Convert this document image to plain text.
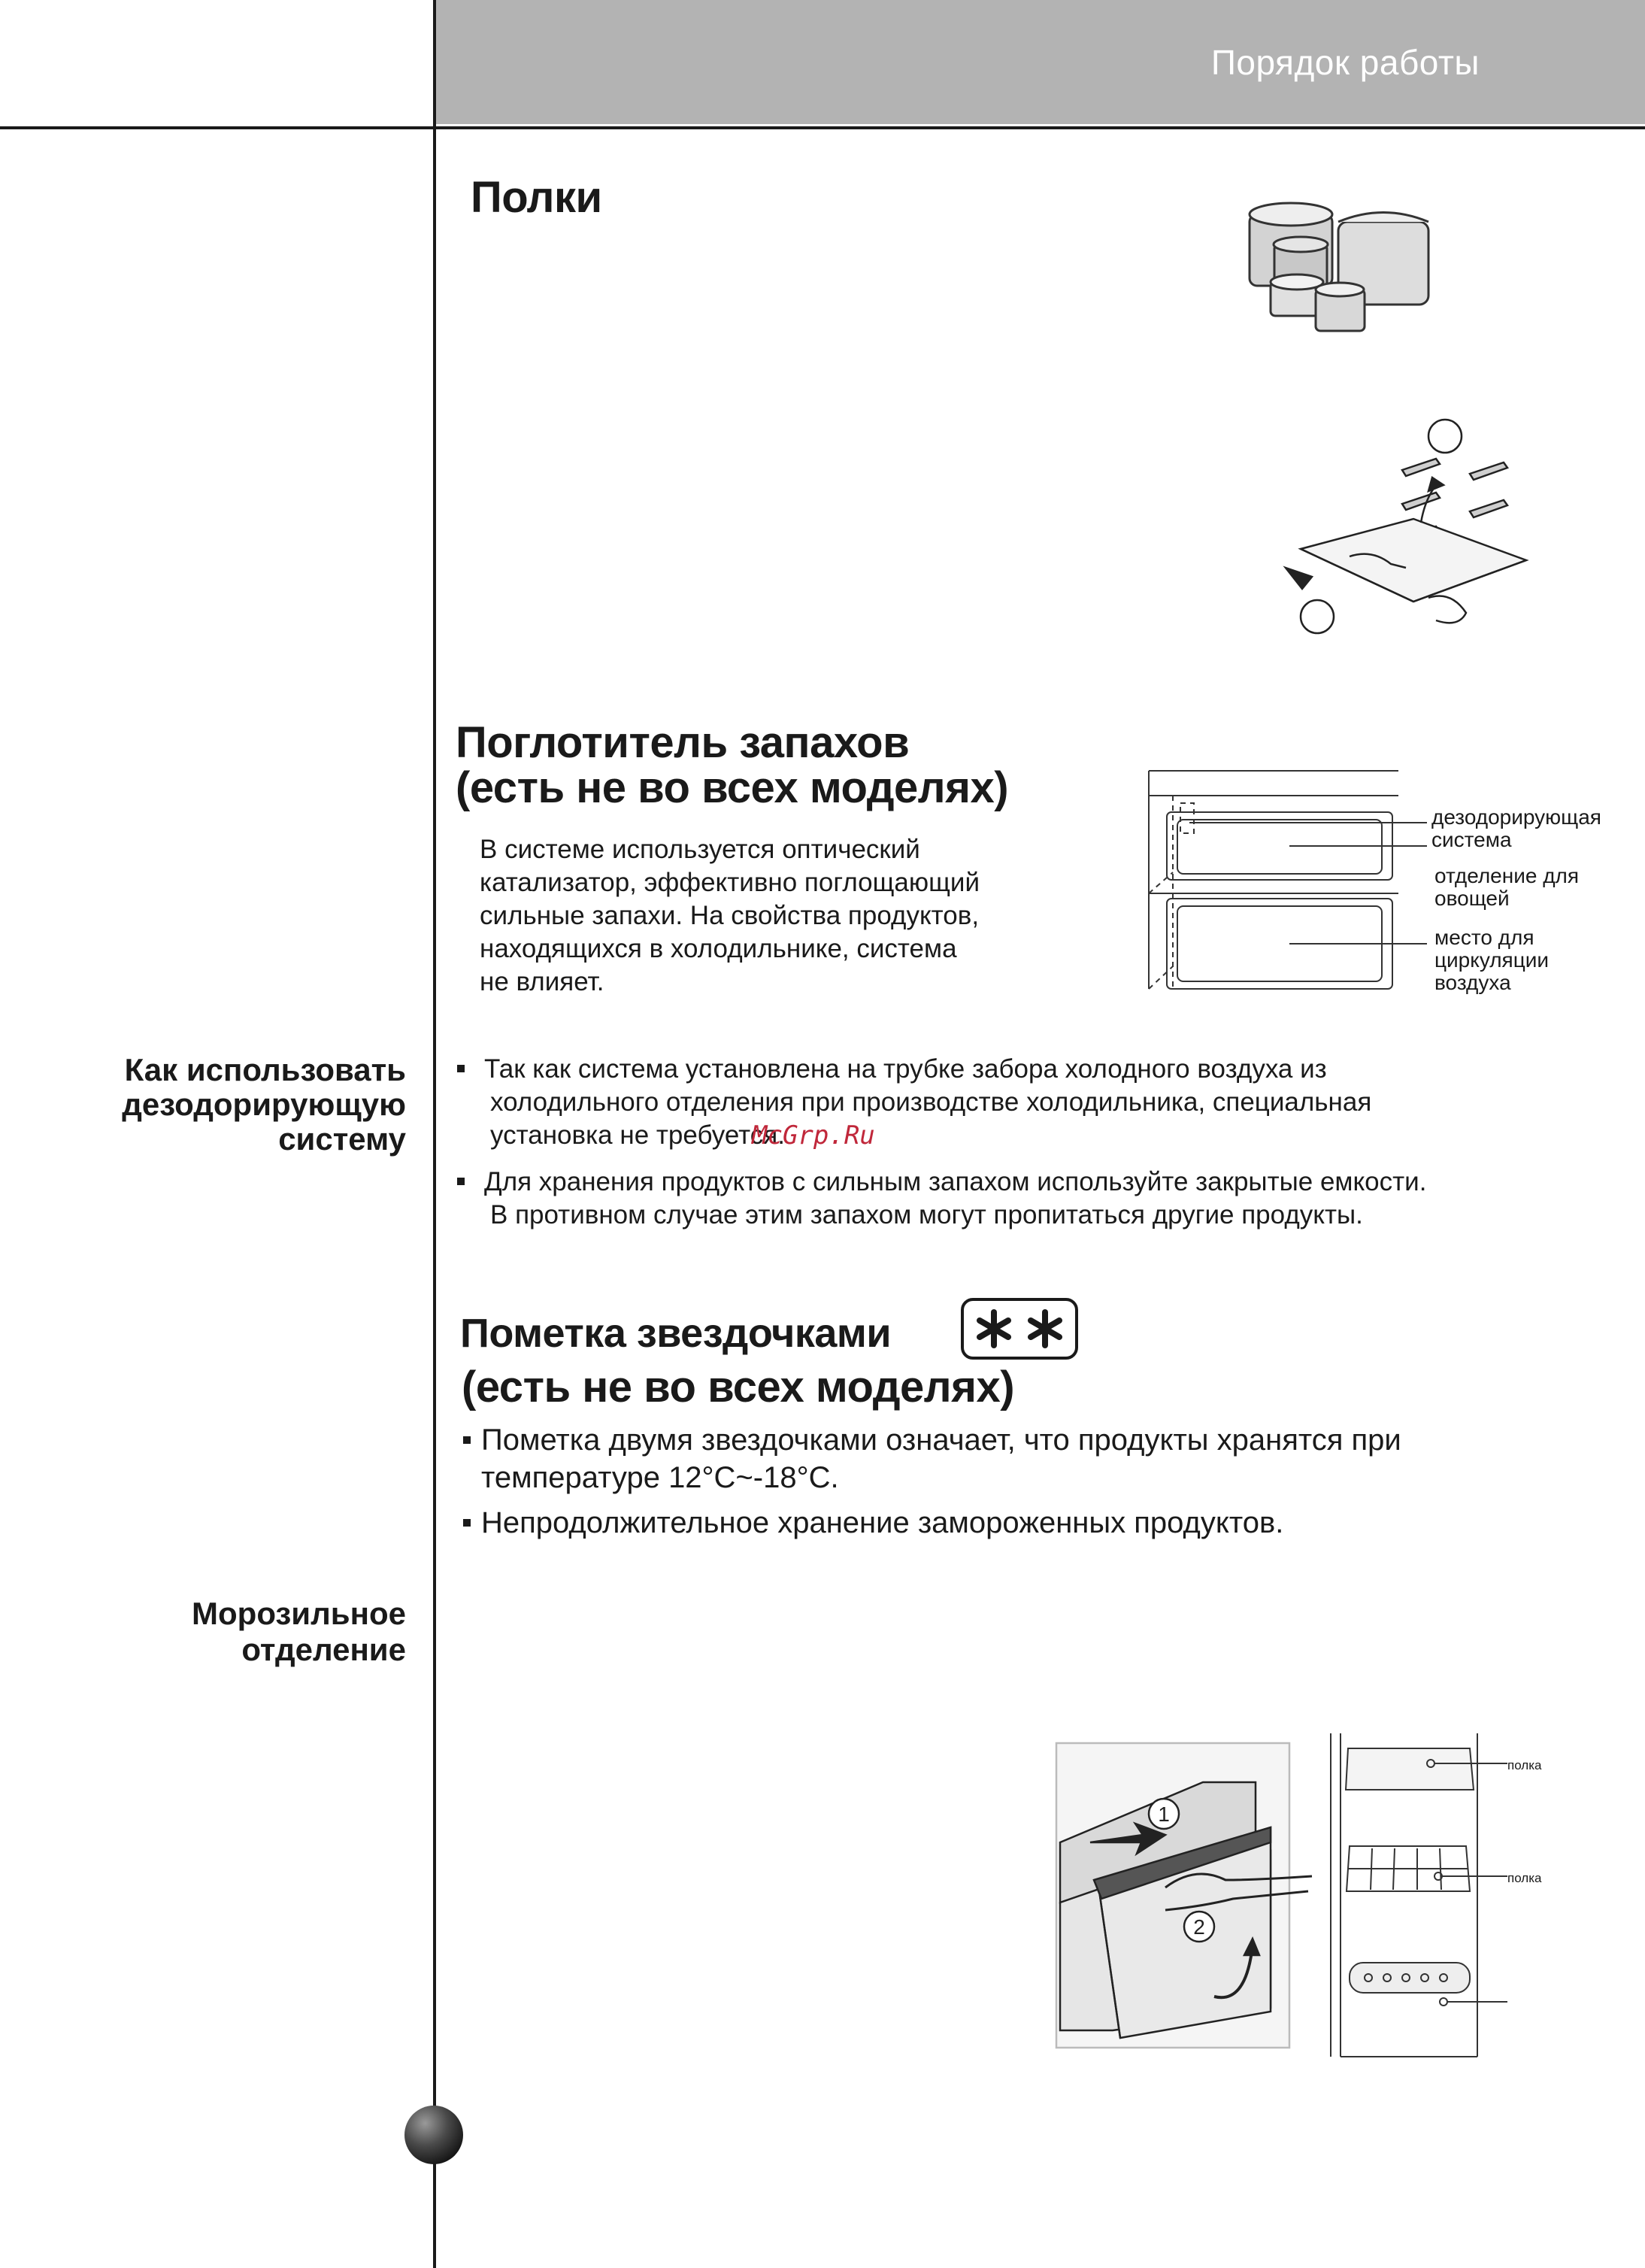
Порядок работы
Полки
Поглотитель запахов
(есть не во всех моделях)
В системе используется оптический
катализатор, эффективно поглощающий
сильные запахи. На свойства продуктов,
находящихся в холодильнике, система
не влияет.
дезодорирующая
система
отделение для
овощей
место для
циркуляции
воздуха
Как использовать
дезодорирующую
систему
Так как система установлена на трубке забора холодного воздуха из
холодильного отделения при производстве холодильника, специальная
установка не требуется.
McGrp.Ru
Для хранения продуктов с сильным запахом используйте закрытые емкости.
В противном случае этим запахом могут пропитаться другие продукты.
Пометка звездочками
(есть не во всех моделях)
Пометка двумя звездочками означает, что продукты хранятся при
температуре 12°C~-18°C.
Непродолжительное хранение замороженных продуктов.
Морозильное
отделение
1
2
полка
полка
